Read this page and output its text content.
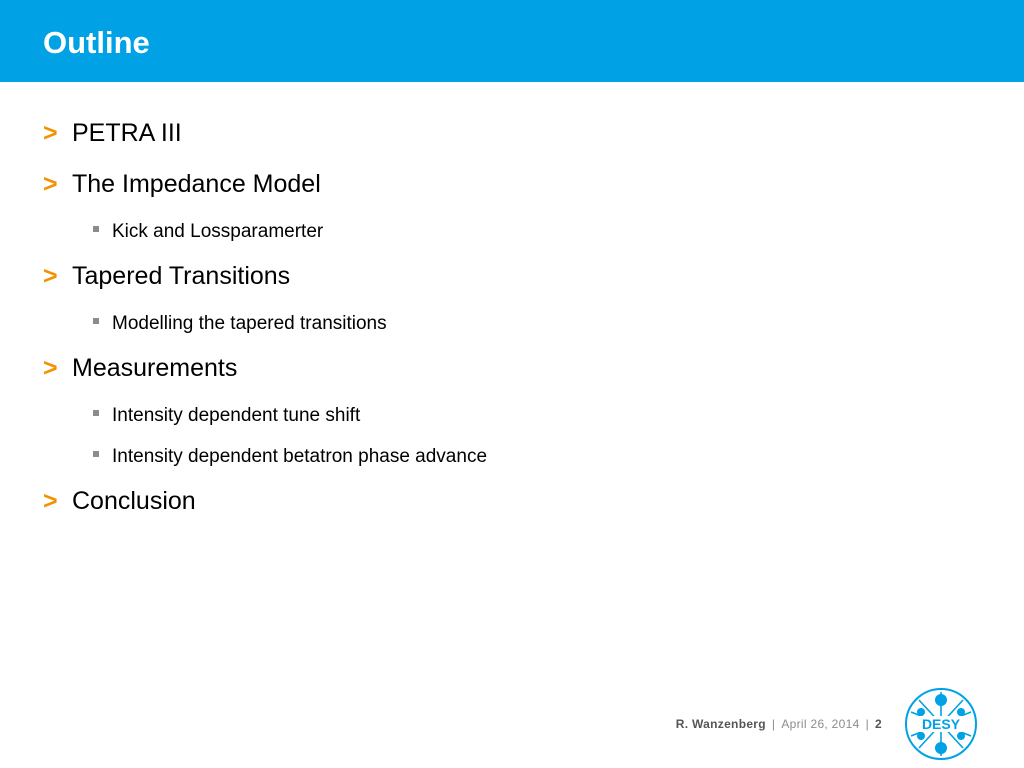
Outline
> PETRA III
> The Impedance Model
Kick and Lossparamerter
> Tapered Transitions
Modelling the tapered transitions
> Measurements
Intensity dependent tune shift
Intensity dependent betatron phase advance
> Conclusion
R. Wanzenberg | April 26, 2014 | 2	DESY
